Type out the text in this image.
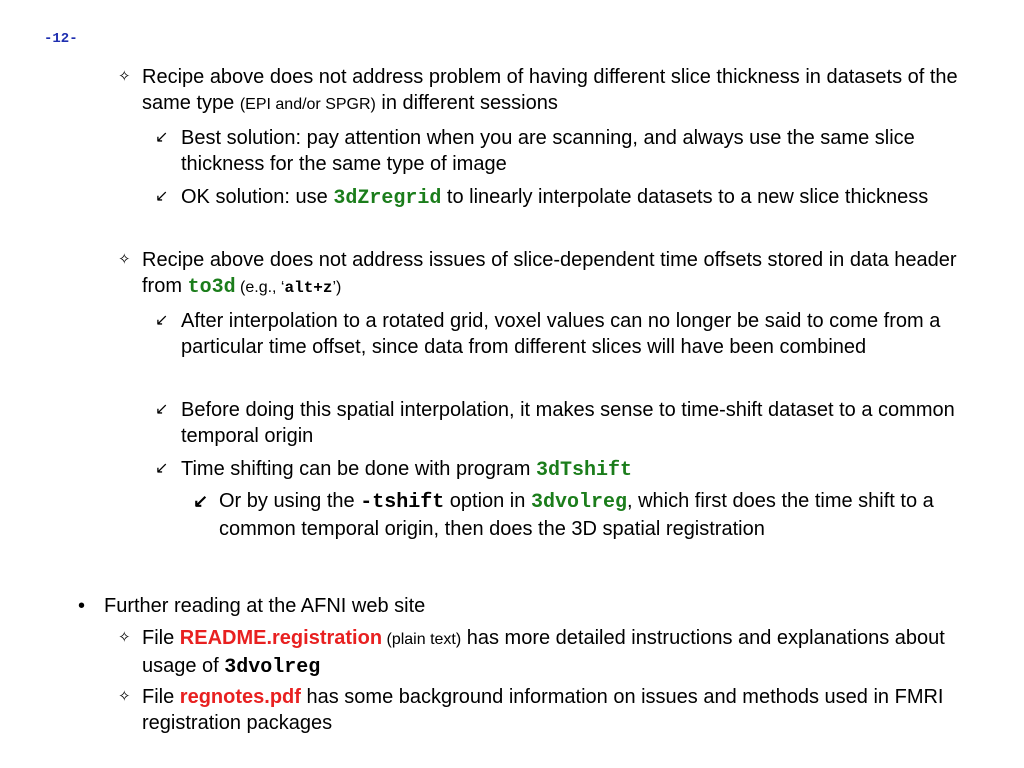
-12-
✧ Recipe above does not address problem of having different slice thickness in datasets of the same type (EPI and/or SPGR) in different sessions
↙ Best solution: pay attention when you are scanning, and always use the same slice thickness for the same type of image
↙ OK solution: use 3dZregrid to linearly interpolate datasets to a new slice thickness
✧ Recipe above does not address issues of slice-dependent time offsets stored in data header from to3d (e.g., ‘alt+z’)
↙ After interpolation to a rotated grid, voxel values can no longer be said to come from a particular time offset, since data from different slices will have been combined
↙ Before doing this spatial interpolation, it makes sense to time-shift dataset to a common temporal origin
↙ Time shifting can be done with program 3dTshift
↙ Or by using the -tshift option in 3dvolreg, which first does the time shift to a common temporal origin, then does the 3D spatial registration
• Further reading at the AFNI web site
✧ File README.registration (plain text) has more detailed instructions and explanations about usage of 3dvolreg
✧ File regnotes.pdf has some background information on issues and methods used in FMRI registration packages
